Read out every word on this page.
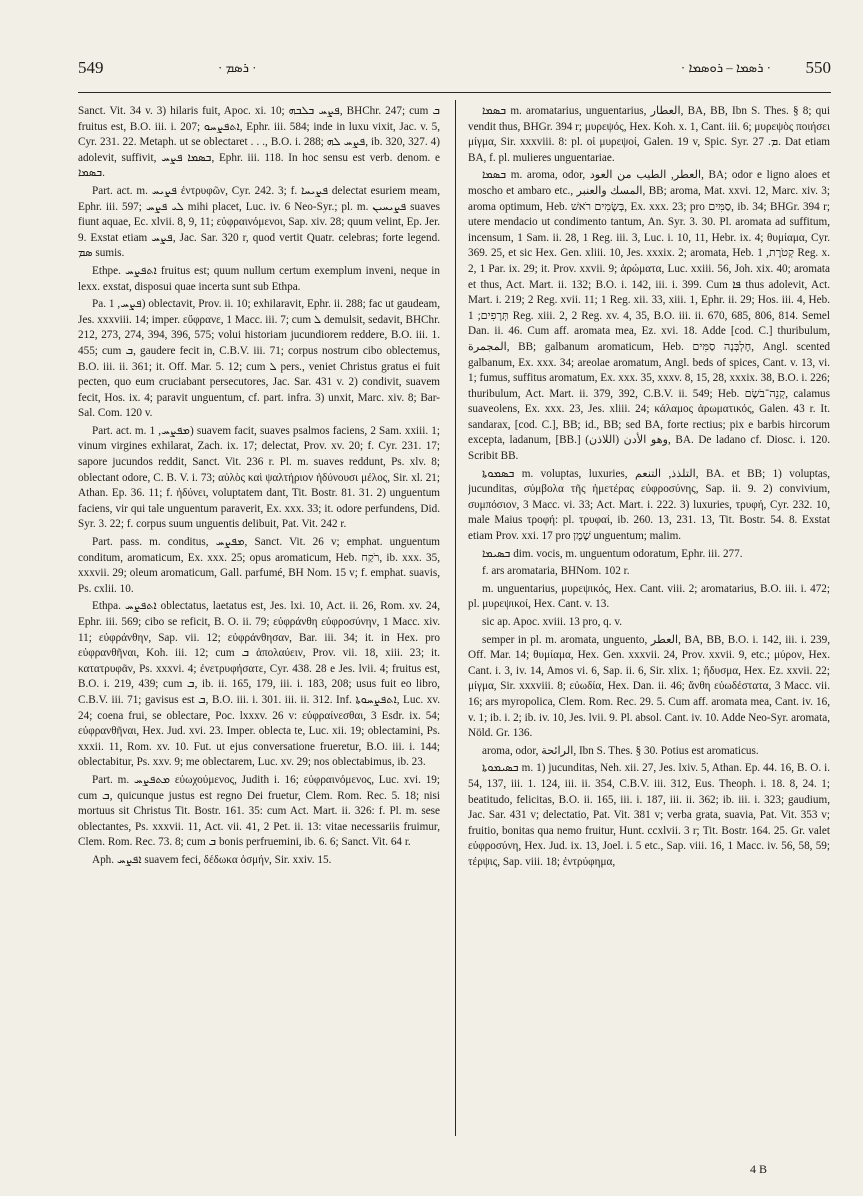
549	· ܪܣܡ ·	· ܪܣܡܐ – ܪܘܣܡܐ · 550

Sanct. Vit. 34 v. 3) hilaris fuit, Apoc. xi. 10; ܦܨܚ ܒܠܒܗ, BHChr. 247; cum ܒ fruitus est, B.O. iii. i. 207; ܐܬܦܨܚܘ, Ephr. iii. 584; inde in luxu vixit, Jac. v. 5, Cyr. 231. 22. Metaph. ut se oblectaret . . ., B.O. i. 288; ܦܨܚ ܠܗ, ib. 320, 327. 4) adolevit, suffivit, ܒܣܡܐ ܦܨܚ, Ephr. iii. 118. In hoc sensu est verb. denom. e ܒܣܡܐ.

Part. act. m. ܦܨܝܚ ἐντρυφῶν, Cyr. 242. 3; f. ܦܨܝܚܐ delectat esuriem meam, Ephr. iii. 597; ܠܝ ܦܨܚ mihi placet, Luc. iv. 6 Neo-Syr.; pl. m. ܦܨܝܚܝܢ suaves fiunt aquae, Ec. xlvii. 8, 9, 11; εὐφραινόμενοι, Sap. xiv. 28; quum velint, Ep. Jer. 9. Exstat etiam ܦܨܚ, Jac. Sar. 320 r, quod vertit Quatr. celebras; forte legend. ܣܡ sumis.

Ethpe. ܐܬܦܨܚ fruitus est; quum nullum certum exemplum inveni, neque in lexx. exstat, disposui quae incerta sunt sub Ethpa.

Pa. ܦܨܚ, 1) oblectavit, Prov. ii. 10; exhilaravit, Ephr. ii. 288; fac ut gaudeam, Jes. xxxviii. 14; imper. εὔφρανε, 1 Macc. iii. 7; cum ܠ demulsit, sedavit, BHChr. 212, 273, 274, 394, 396, 575; volui historiam jucundiorem reddere, B.O. iii. 1. 455; cum ܒ, gaudere fecit in, C.B.V. iii. 71; corpus nostrum cibo oblectemus, B.O. iii. ii. 361; it. Off. Mar. 5. 12; cum ܠ pers., veniet Christus gratus ei fuit pecten, quo eum cruciabant persecutores, Jac. Sar. 431 v. 2) condivit, suavem fecit, Hos. ix. 4; paravit unguentum, cf. part. infra. 3) unxit, Marc. xiv. 8; Bar-Sal. Com. 120 v.

Part. act. m. ܡܦܨܚ, 1) suavem facit, suaves psalmos faciens, 2 Sam. xxiii. 1; vinum virgines exhilarat, Zach. ix. 17; delectat, Prov. xv. 20; f. Cyr. 231. 17; sapore jucundos reddit, Sanct. Vit. 236 r. Pl. m. suaves reddunt, Ps. xlv. 8; oblectant odore, C. B. V. i. 73; αὐλὸς καὶ ψαλτήριον ἡδύνουσι μέλος, Sir. xl. 21; Athan. Ep. 36. 11; f. ἡδύνει, voluptatem dant, Tit. Bostr. 81. 31. 2) unguentum faciens, vir qui tale unguentum paraverit, Ex. xxx. 33; it. odore perfundens, Did. Syr. 3. 22; f. corpus suum unguentis delibuit, Pat. Vit. 242 r.

Part. pass. m. conditus, ܡܦܨܚ, Sanct. Vit. 26 v; emphat. unguentum conditum, aromaticum, Ex. xxx. 25; opus aromaticum, Heb. רֹקַח, ib. xxx. 35, xxxvii. 29; oleum aromaticum, Gall. parfumé, BH Nom. 15 v; f. emphat. suavis, Ps. cxlii. 10.

Ethpa. ܐܬܦܨܚ oblectatus, laetatus est, Jes. lxi. 10, Act. ii. 26, Rom. xv. 24, Ephr. iii. 569; cibo se reficit, B. O. ii. 79; εὐφράνθη εὐφροσύνην, 1 Macc. xiv. 11; εὐφράνθην, Sap. vii. 12; εὐφράνθησαν, Bar. iii. 34; it. in Hex. pro εὐφρανθῆναι, Koh. iii. 12; cum ܒ ἀπολαύειν, Prov. vii. 18, xiii. 23; it. κατατρυφᾶν, Ps. xxxvi. 4; ἐνετρυφήσατε, Cyr. 438. 28 e Jes. lvii. 4; fruitus est, B.O. i. 219, 439; cum ܒ, ib. ii. 165, 179, iii. i. 183, 208; usus fuit eo libro, C.B.V. iii. 71; gavisus est ܒ, B.O. iii. i. 301. iii. ii. 312. Inf. ܐܬܦܨܚܘܬܐ, Luc. xv. 24; coena frui, se oblectare, Poc. lxxxv. 26 v: εὐφραίνεσθαι, 3 Esdr. ix. 54; εὐφρανθῆναι, Hex. Jud. xvi. 23. Imper. oblecta te, Luc. xii. 19; oblectamini, Ps. xxxii. 11, Rom. xv. 10. Fut. ut ejus conversatione frueretur, B.O. iii. i. 144; oblectabitur, Ps. xxv. 9; me oblectarem, Luc. xv. 29; nos oblectabimus, ib. 23.

Part. m. ܡܬܦܨܚ εὐωχούμενος, Judith i. 16; εὐφραινόμενος, Luc. xvi. 19; cum ܒ, quicunque justus est regno Dei fruetur, Clem. Rom. Rec. 5. 18; nisi mortuus sit Christus Tit. Bostr. 161. 35: cum Act. Mart. ii. 326: f. Pl. m. sese oblectantes, Ps. xxxvii. 11, Act. vii. 41, 2 Pet. ii. 13: vitae necessariis fruimur, Clem. Rom. Rec. 73. 8; cum ܒ bonis perfruemini, ib. 6. 6; Sanct. Vit. 64 r.

Aph. ܐܦܨܚ suavem feci, δέδωκα ὀσμήν, Sir. xxiv. 15.

ܒܣܡܐ m. aromatarius, unguentarius, العطار, BA, BB, Ibn S. Thes. § 8; qui vendit thus, BHGr. 394 r; μυρεψός, Hex. Koh. x. 1, Cant. iii. 6; μυρεψὸς ποιήσει μίγμα, Sir. xxxviii. 8: pl. οἱ μυρεψοί, Galen. 19 v, Spic. Syr. ܡ. 27. Dat etiam BA, f. pl. mulieres unguentariae.

ܒܣܡܐ m. aroma, odor, العطر, الطيب من العود, BA; odor e ligno aloes et moscho et ambaro etc., المسك والعنبر, BB; aroma, Mat. xxvi. 12, Marc. xiv. 3; aroma optimum, Heb. בְּשָׂמִים רֹאשׁ, Ex. xxx. 23; pro סַמִּים, ib. 34; BHGr. 394 r; utere mendacio ut condimento tantum, An. Syr. 3. 30. Pl. aromata ad suffitum, incensum, 1 Sam. ii. 28, 1 Reg. iii. 3, Luc. i. 10, 11, Hebr. ix. 4; θυμίαμα, Cyr. 369. 25, et sic Hex. Gen. xliii. 10, Jes. xxxix. 2; aromata, Heb. קְטֹרֶת, 1 Reg. x. 2, 1 Par. ix. 29; it. Prov. xxvii. 9; ἀρώματα, Luc. xxiii. 56, Joh. xix. 40; aromata et thus, Act. Mart. ii. 132; B.O. i. 142, iii. i. 399. Cum ܦܐ thus adolevit, Act. Mart. i. 219; 2 Reg. xvii. 11; 1 Reg. xii. 33, xiii. 1, Ephr. ii. 29; Hos. iii. 4, Heb. תְּרָפִים; 1 Reg. xiii. 2, 2 Reg. xv. 4, 35, B.O. iii. ii. 670, 685, 806, 814. Semel Dan. ii. 46. Cum aff. aromata mea, Ez. xvi. 18. Adde [cod. C.] thuribulum, المجمرة, BB; galbanum aromaticum, Heb. חֶלְבְּנָה סַמִּים, Angl. scented galbanum, Ex. xxx. 34; areolae aromatum, Angl. beds of spices, Cant. v. 13, vi. 1; fumus, suffitus aromatum, Ex. xxx. 35, xxxv. 8, 15, 28, xxxix. 38, B.O. i. 226; thuribulum, Act. Mart. ii. 379, 392, C.B.V. ii. 549; Heb. קְנֵה־בֹשֶׂם, calamus suaveolens, Ex. xxx. 23, Jes. xliii. 24; κάλαμος ἀρωματικός, Galen. 43 r. It. sandarax, [cod. C.], BB; id., BB; sed BA, forte rectius; pix e barbis hircorum excepta, ladanum, [BB.] وهو الأدن (اللاذن), BA. De ladano cf. Diosc. i. 120. Scribit BB.

ܒܣܡܘܬܐ m. voluptas, luxuries, التلذذ, التنعم, BA. et BB; 1) voluptas, jucunditas, σύμβολα τῆς ἡμετέρας εὐφροσύνης, Sap. ii. 9. 2) convivium, συμπόσιον, 3 Macc. vi. 33; Act. Mart. i. 222. 3) luxuries, τρυφή, Cyr. 232. 10, male Maius τροφή: pl. τρυφαί, ib. 260. 13, 231. 13, Tit. Bostr. 54. 8. Exstat etiam Prov. xxi. 17 pro שֶׁמֶן unguentum; malim.

ܒܣܝܡܐ dim. vocis, m. unguentum odoratum, Ephr. iii. 277.

f. ars aromataria, BHNom. 102 r.

m. unguentarius, μυρεψικός, Hex. Cant. viii. 2; aromatarius, B.O. iii. i. 472; pl. μυρεψικοί, Hex. Cant. v. 13.

sic ap. Apoc. xviii. 13 pro, q. v.

semper in pl. m. aromata, unguento, العطر, BA, BB, B.O. i. 142, iii. i. 239, Off. Mar. 14; θυμίαμα, Hex. Gen. xxxvii. 24, Prov. xxvii. 9, etc.; μύρον, Hex. Cant. i. 3, iv. 14, Amos vi. 6, Sap. ii. 6, Sir. xlix. 1; ἥδυσμα, Hex. Ez. xxvii. 22; μίγμα, Sir. xxxviii. 8; εὐωδία, Hex. Dan. ii. 46; ἄνθη εὐωδέστατα, 3 Macc. vii. 16; ars myropolica, Clem. Rom. Rec. 29. 5. Cum aff. aromata mea, Cant. iv. 16, v. 1; ib. i. 2; ib. iv. 10, Jes. lvii. 9. Pl. absol. Cant. iv. 10. Adde Neo-Syr. aromata, Nöld. Gr. 136.

aroma, odor, الرائحة, Ibn S. Thes. § 30. Potius est aromaticus.

ܒܣܝܡܘܬܐ m. 1) jucunditas, Neh. xii. 27, Jes. lxiv. 5, Athan. Ep. 44. 16, B. O. i. 54, 137, iii. 1. 124, iii. ii. 354, C.B.V. iii. 312, Eus. Theoph. i. 18. 8, 24. 1; beatitudo, felicitas, B.O. ii. 165, iii. i. 187, iii. ii. 362; ib. iii. i. 323; gaudium, Jac. Sar. 431 v; delectatio, Pat. Vit. 381 v; verba grata, suavia, Pat. Vit. 353 v; fruitio, bonitas qua nemo fruitur, Hunt. ccxlvii. 3 r; Tit. Bostr. 164. 25. Gr. valet εὐφροσύνη, Hex. Jud. ix. 13, Joel. i. 5 etc., Sap. viii. 16, 1 Macc. iv. 56, 58, 59; τέρψις, Sap. viii. 18; ἐντρύφημα,

4 B
